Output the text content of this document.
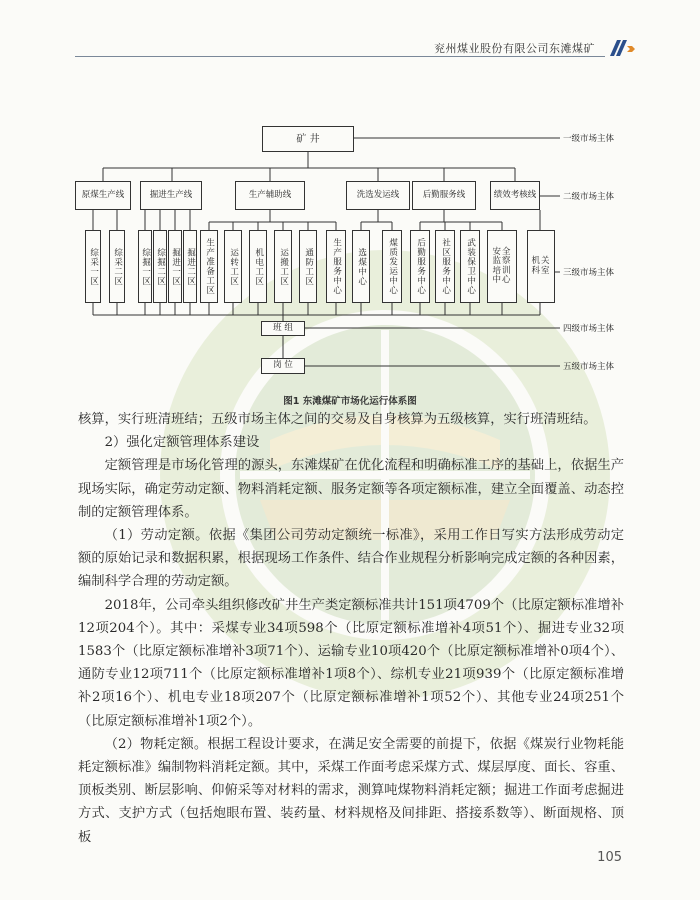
兖州煤业股份有限公司东滩煤矿
矿 井
原煤生产线	掘进生产线	生产辅助线	洗选发运线	后勤服务线	绩效考核线
综采一区	综采二区	综掘一区 综掘二区 掘进一区 掘进二区	生产准备工区	运转工区	机电工区	运搬工区	通防工区	生产服务中心	选煤中心	煤质发运中心	后勤服务中心	社区服务中心	武装保卫中心	安全监察培训中心
机关科室
班 组
岗 位
一级市场主体
二级市场主体
三级市场主体
四级市场主体
五级市场主体
图1 东滩煤矿市场化运行体系图

核算，实行班清班结；五级市场主体之间的交易及自身核算为五级核算，实行班清班结。

2）强化定额管理体系建设

定额管理是市场化管理的源头，东滩煤矿在优化流程和明确标准工序的基础上，依据生产现场实际，确定劳动定额、物料消耗定额、服务定额等各项定额标准，建立全面覆盖、动态控制的定额管理体系。

（1）劳动定额。依据《集团公司劳动定额统一标准》，采用工作日写实方法形成劳动定额的原始记录和数据积累，根据现场工作条件、结合作业规程分析影响完成定额的各种因素，编制科学合理的劳动定额。

2018年，公司牵头组织修改矿井生产类定额标准共计151项4709个（比原定额标准增补12项204个）。其中：采煤专业34项598个（比原定额标准增补4项51个）、掘进专业32项1583个（比原定额标准增补3项71个）、运输专业10项420个（比原定额标准增补0项4个）、通防专业12项711个（比原定额标准增补1项8个）、综机专业21项939个（比原定额标准增补2项16个）、机电专业18项207个（比原定额标准增补1项52个）、其他专业24项251个（比原定额标准增补1项2个）。

（2）物耗定额。根据工程设计要求，在满足安全需要的前提下，依据《煤炭行业物耗能耗定额标准》编制物料消耗定额。其中，采煤工作面考虑采煤方式、煤层厚度、面长、容重、顶板类别、断层影响、仰俯采等对材料的需求，测算吨煤物料消耗定额；掘进工作面考虑掘进方式、支护方式（包括炮眼布置、装药量、材料规格及间排距、搭接系数等）、断面规格、顶板

105
